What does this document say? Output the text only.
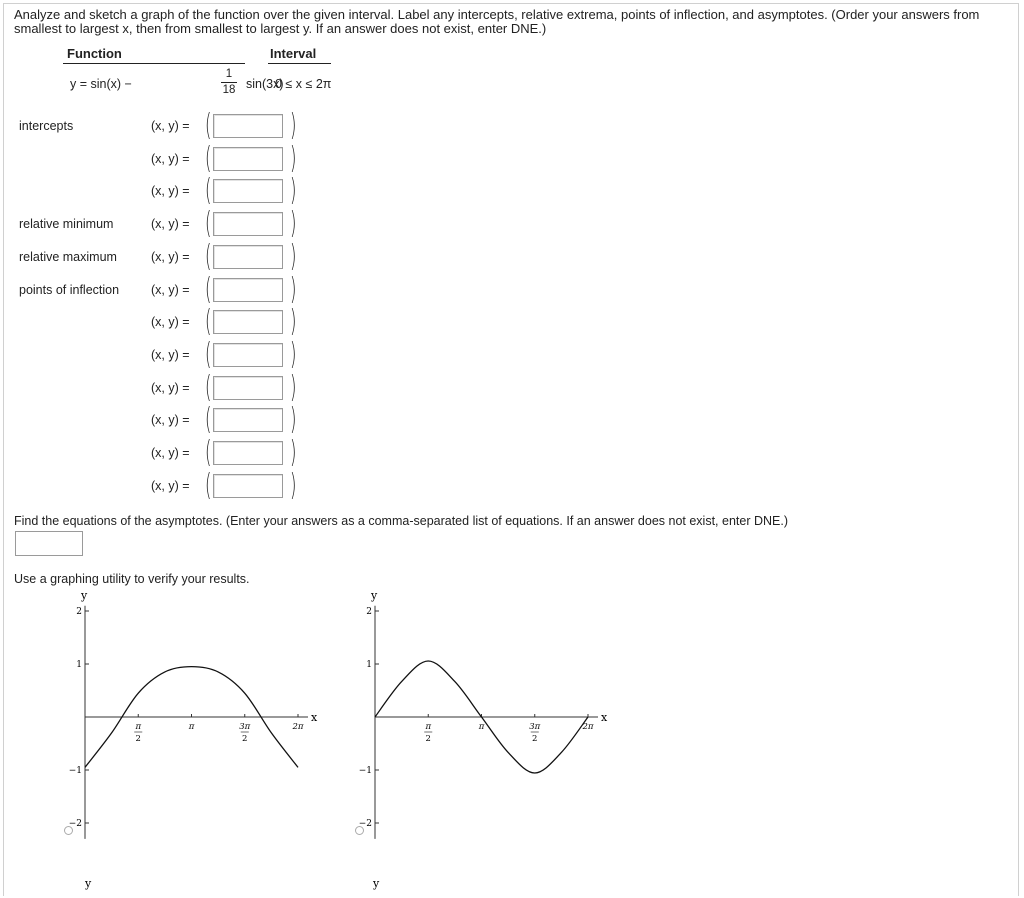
Analyze and sketch a graph of the function over the given interval. Label any intercepts, relative extrema, points of inflection, and asymptotes. (Order your answers from smallest to largest x, then from smallest to largest y. If an answer does not exist, enter DNE.)
Function	Interval
y = sin(x) −
1
18 sin(3x)
0 ≤ x ≤ 2π
intercepts	(x, y) = (	)
(x, y) = (	)
(x, y) = (	)
relative minimum	(x, y) = (	)
relative maximum	(x, y) = (	)
points of inflection	(x, y) = (	)
(x, y) = (	)
(x, y) = (	)
(x, y) = (	)
(x, y) = (	)
(x, y) = (	)
(x, y) = (	)
Find the equations of the asymptotes. (Enter your answers as a comma-separated list of equations. If an answer does not exist, enter DNE.)
Use a graphing utility to verify your results.
y
x
2
1
−1
−2
π
2
π	3π
2
2π
y
x
2
1
−1
−2
π
2
π	3π
2
2π
y	y
